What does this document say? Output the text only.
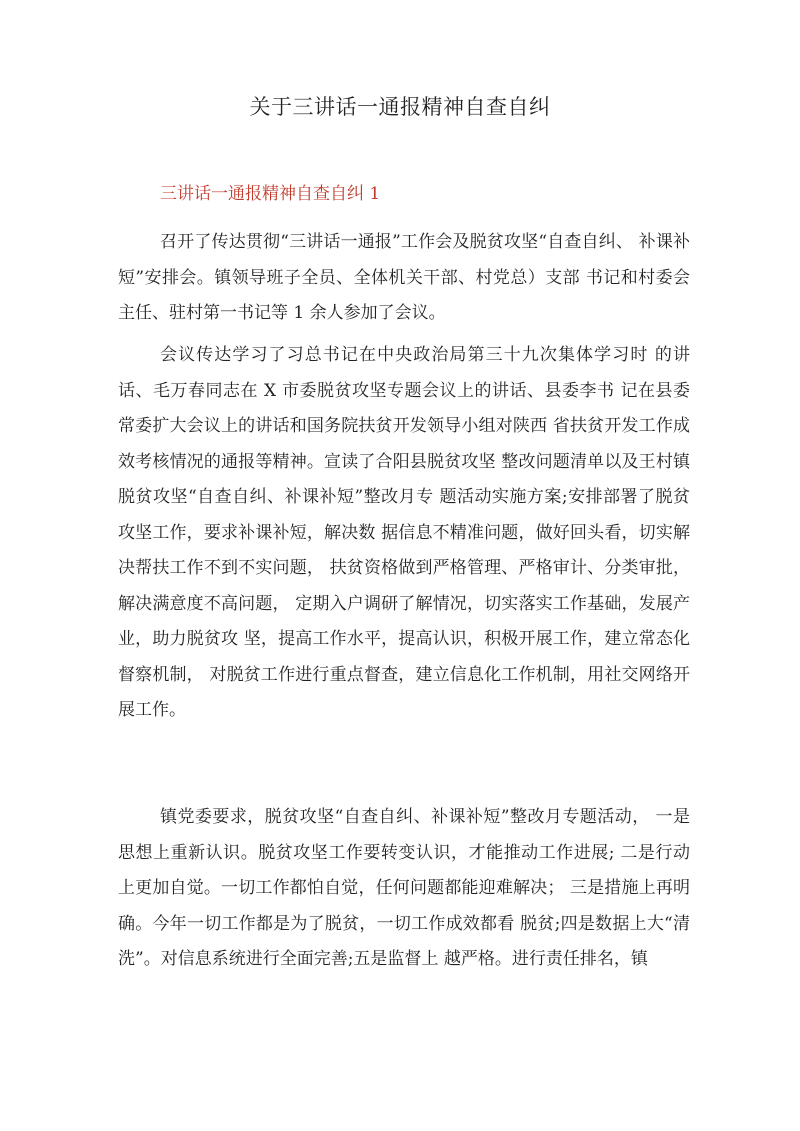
关于三讲话一通报精神自查自纠
三讲话一通报精神自查自纠 1

召开了传达贯彻“三讲话一通报”工作会及脱贫攻坚“自查自纠、 补课补短”安排会。镇领导班子全员、全体机关干部、村党总）支部 书记和村委会主任、驻村第一书记等 1 余人参加了会议。

会议传达学习了习总书记在中央政治局第三十九次集体学习时 的讲话、毛万春同志在 X 市委脱贫攻坚专题会议上的讲话、县委李书 记在县委常委扩大会议上的讲话和国务院扶贫开发领导小组对陕西 省扶贫开发工作成效考核情况的通报等精神。宣读了合阳县脱贫攻坚 整改问题清单以及王村镇脱贫攻坚“自查自纠、补课补短”整改月专 题活动实施方案;安排部署了脱贫攻坚工作，要求补课补短，解决数 据信息不精准问题，做好回头看，切实解决帮扶工作不到不实问题， 扶贫资格做到严格管理、严格审计、分类审批，解决满意度不高问题， 定期入户调研了解情况，切实落实工作基础，发展产业，助力脱贫攻 坚，提高工作水平，提高认识，积极开展工作，建立常态化督察机制， 对脱贫工作进行重点督查，建立信息化工作机制，用社交网络开展工作。

镇党委要求，脱贫攻坚“自查自纠、补课补短”整改月专题活动， 一是思想上重新认识。脱贫攻坚工作要转变认识，才能推动工作进展; 二是行动上更加自觉。一切工作都怕自觉，任何问题都能迎难解决； 三是措施上再明确。今年一切工作都是为了脱贫，一切工作成效都看 脱贫;四是数据上大“清洗”。对信息系统进行全面完善;五是监督上 越严格。进行责任排名，镇
